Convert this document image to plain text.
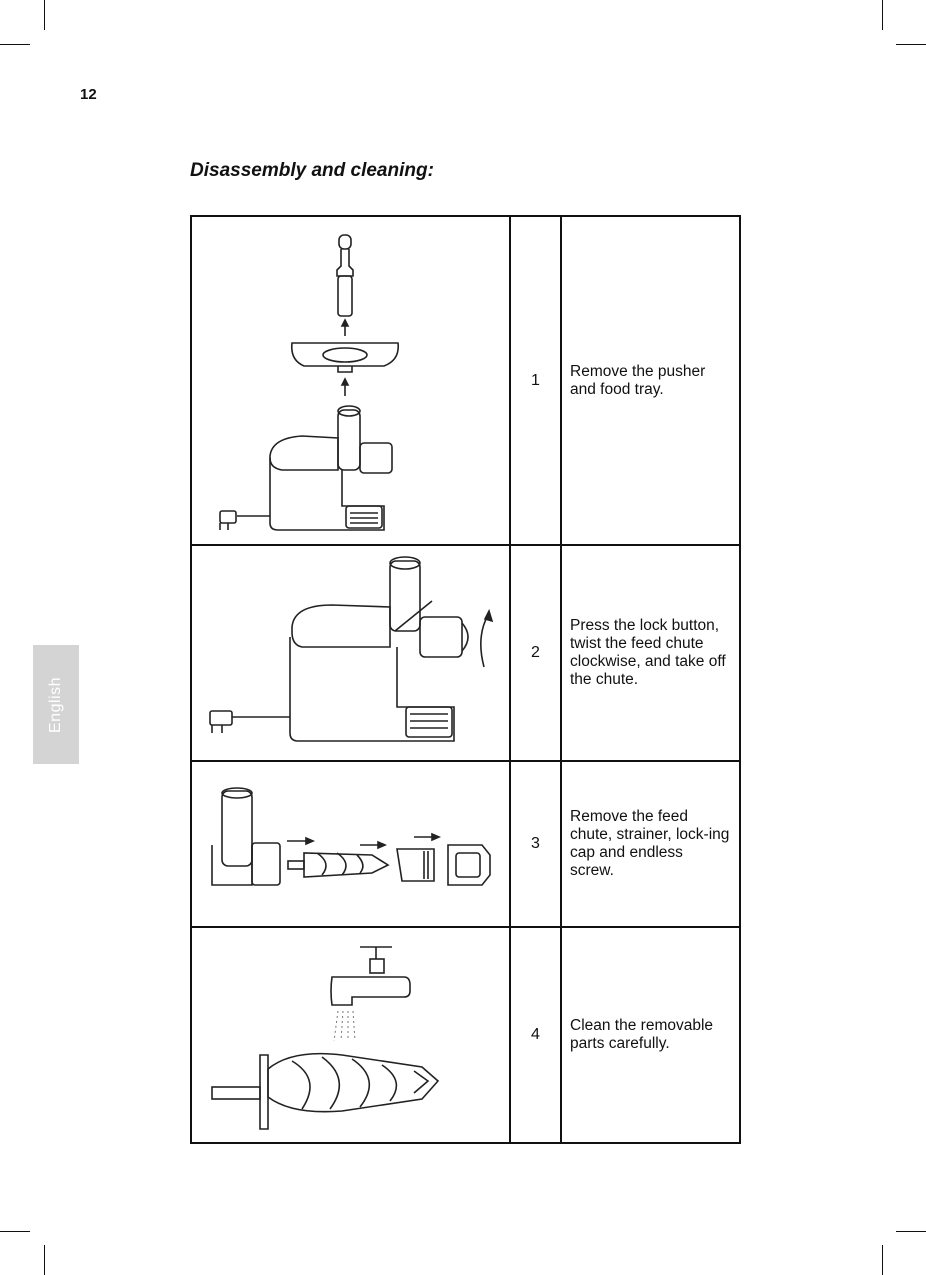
12
English
Disassembly and cleaning:
	1	Remove the pusher and food tray.

	2	Press the lock button, twist the feed chute clockwise, and take off the chute.

	3	Remove the feed chute, strainer, lock-ing cap and endless screw.

	4	Clean the removable parts carefully.
